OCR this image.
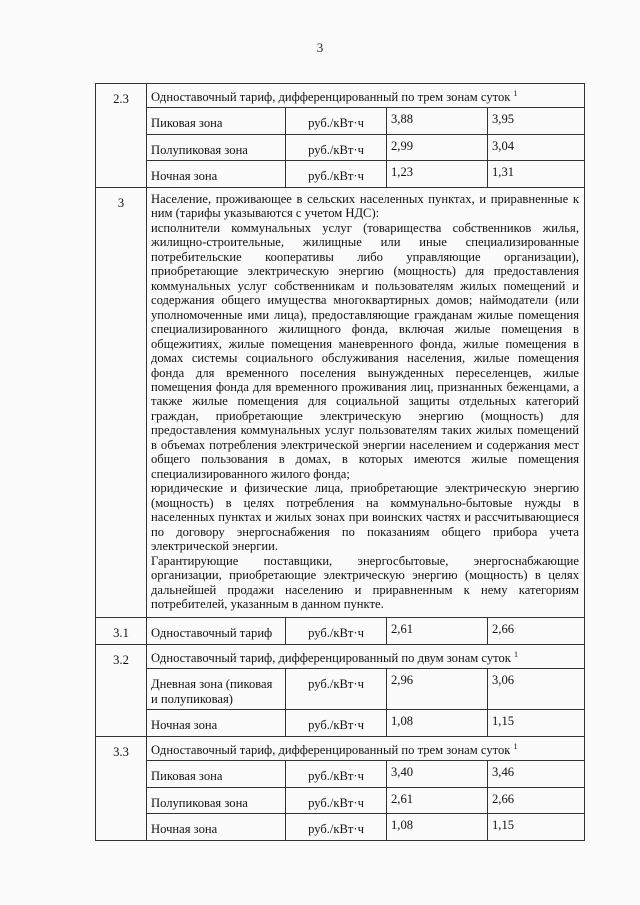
3
2.3	Одноставочный тариф, дифференцированный по трем зонам суток $^1$
	Пиковая зона	руб./кВт·ч	3,88	3,95
	Полупиковая зона	руб./кВт·ч	2,99	3,04
	Ночная зона	руб./кВт·ч	1,23	1,31
3	Население, проживающее в сельских населенных пунктах, и приравненные к ним (тарифы указываются с учетом НДС):
исполнители коммунальных услуг (товарищества собственников жилья, жилищно-строительные, жилищные или иные специализированные потребительские кооперативы либо управляющие организации), приобретающие электрическую энергию (мощность) для предоставления коммунальных услуг собственникам и пользователям жилых помещений и содержания общего имущества многоквартирных домов; наймодатели (или уполномоченные ими лица), предоставляющие гражданам жилые помещения специализированного жилищного фонда, включая жилые помещения в общежитиях, жилые помещения маневренного фонда, жилые помещения в домах системы социального обслуживания населения, жилые помещения фонда для временного поселения вынужденных переселенцев, жилые помещения фонда для временного проживания лиц, признанных беженцами, а также жилые помещения для социальной защиты отдельных категорий граждан, приобретающие электрическую энергию (мощность) для предоставления коммунальных услуг пользователям таких жилых помещений в объемах потребления электрической энергии населением и содержания мест общего пользования в домах, в которых имеются жилые помещения специализированного жилого фонда;
юридические и физические лица, приобретающие электрическую энергию (мощность) в целях потребления на коммунально-бытовые нужды в населенных пунктах и жилых зонах при воинских частях и рассчитывающиеся по договору энергоснабжения по показаниям общего прибора учета электрической энергии.
Гарантирующие поставщики, энергосбытовые, энергоснабжающие организации, приобретающие электрическую энергию (мощность) в целях дальнейшей продажи населению и приравненным к нему категориям потребителей, указанным в данном пункте.			

3.1	Одноставочный тариф	руб./кВт·ч	2,61	2,66
3.2	Одноставочный тариф, дифференцированный по двум зонам суток $^1$
	Дневная зона (пиковая и полупиковая)	руб./кВт·ч	2,96	3,06
	Ночная зона	руб./кВт·ч	1,08	1,15
3.3	Одноставочный тариф, дифференцированный по трем зонам суток $^1$
	Пиковая зона	руб./кВт·ч	3,40	3,46
	Полупиковая зона	руб./кВт·ч	2,61	2,66
	Ночная зона	руб./кВт·ч	1,08	1,15
